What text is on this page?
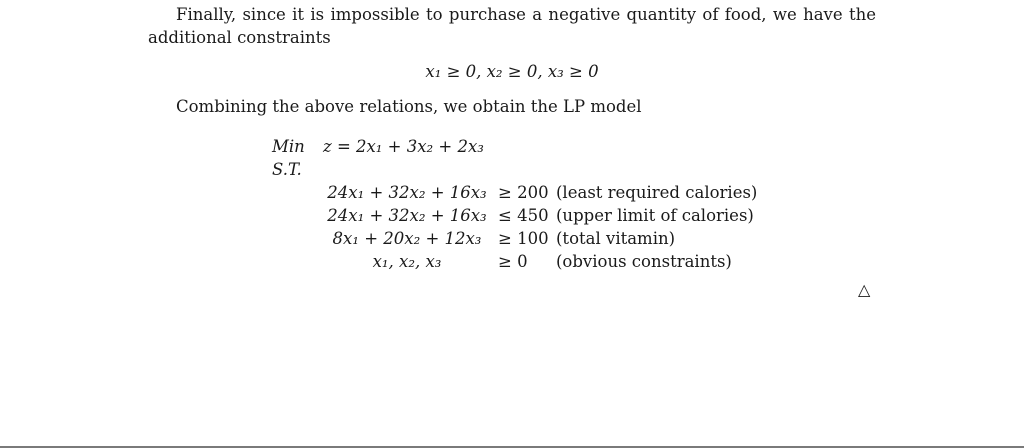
Finally, since it is impossible to purchase a negative quantity of food, we have the
additional constraints
x₁ ≥ 0, x₂ ≥ 0, x₃ ≥ 0
Combining the above relations, we obtain the LP model
Min z = 2x₁ + 3x₂ + 2x₃
S.T.
24x₁ + 32x₂ + 16x₃	≥ 200	(least required calories)
24x₁ + 32x₂ + 16x₃	≤ 450	(upper limit of calories)
8x₁ + 20x₂ + 12x₃	≥ 100	(total vitamin)
x₁, x₂, x₃	≥ 0	(obvious constraints)
△
